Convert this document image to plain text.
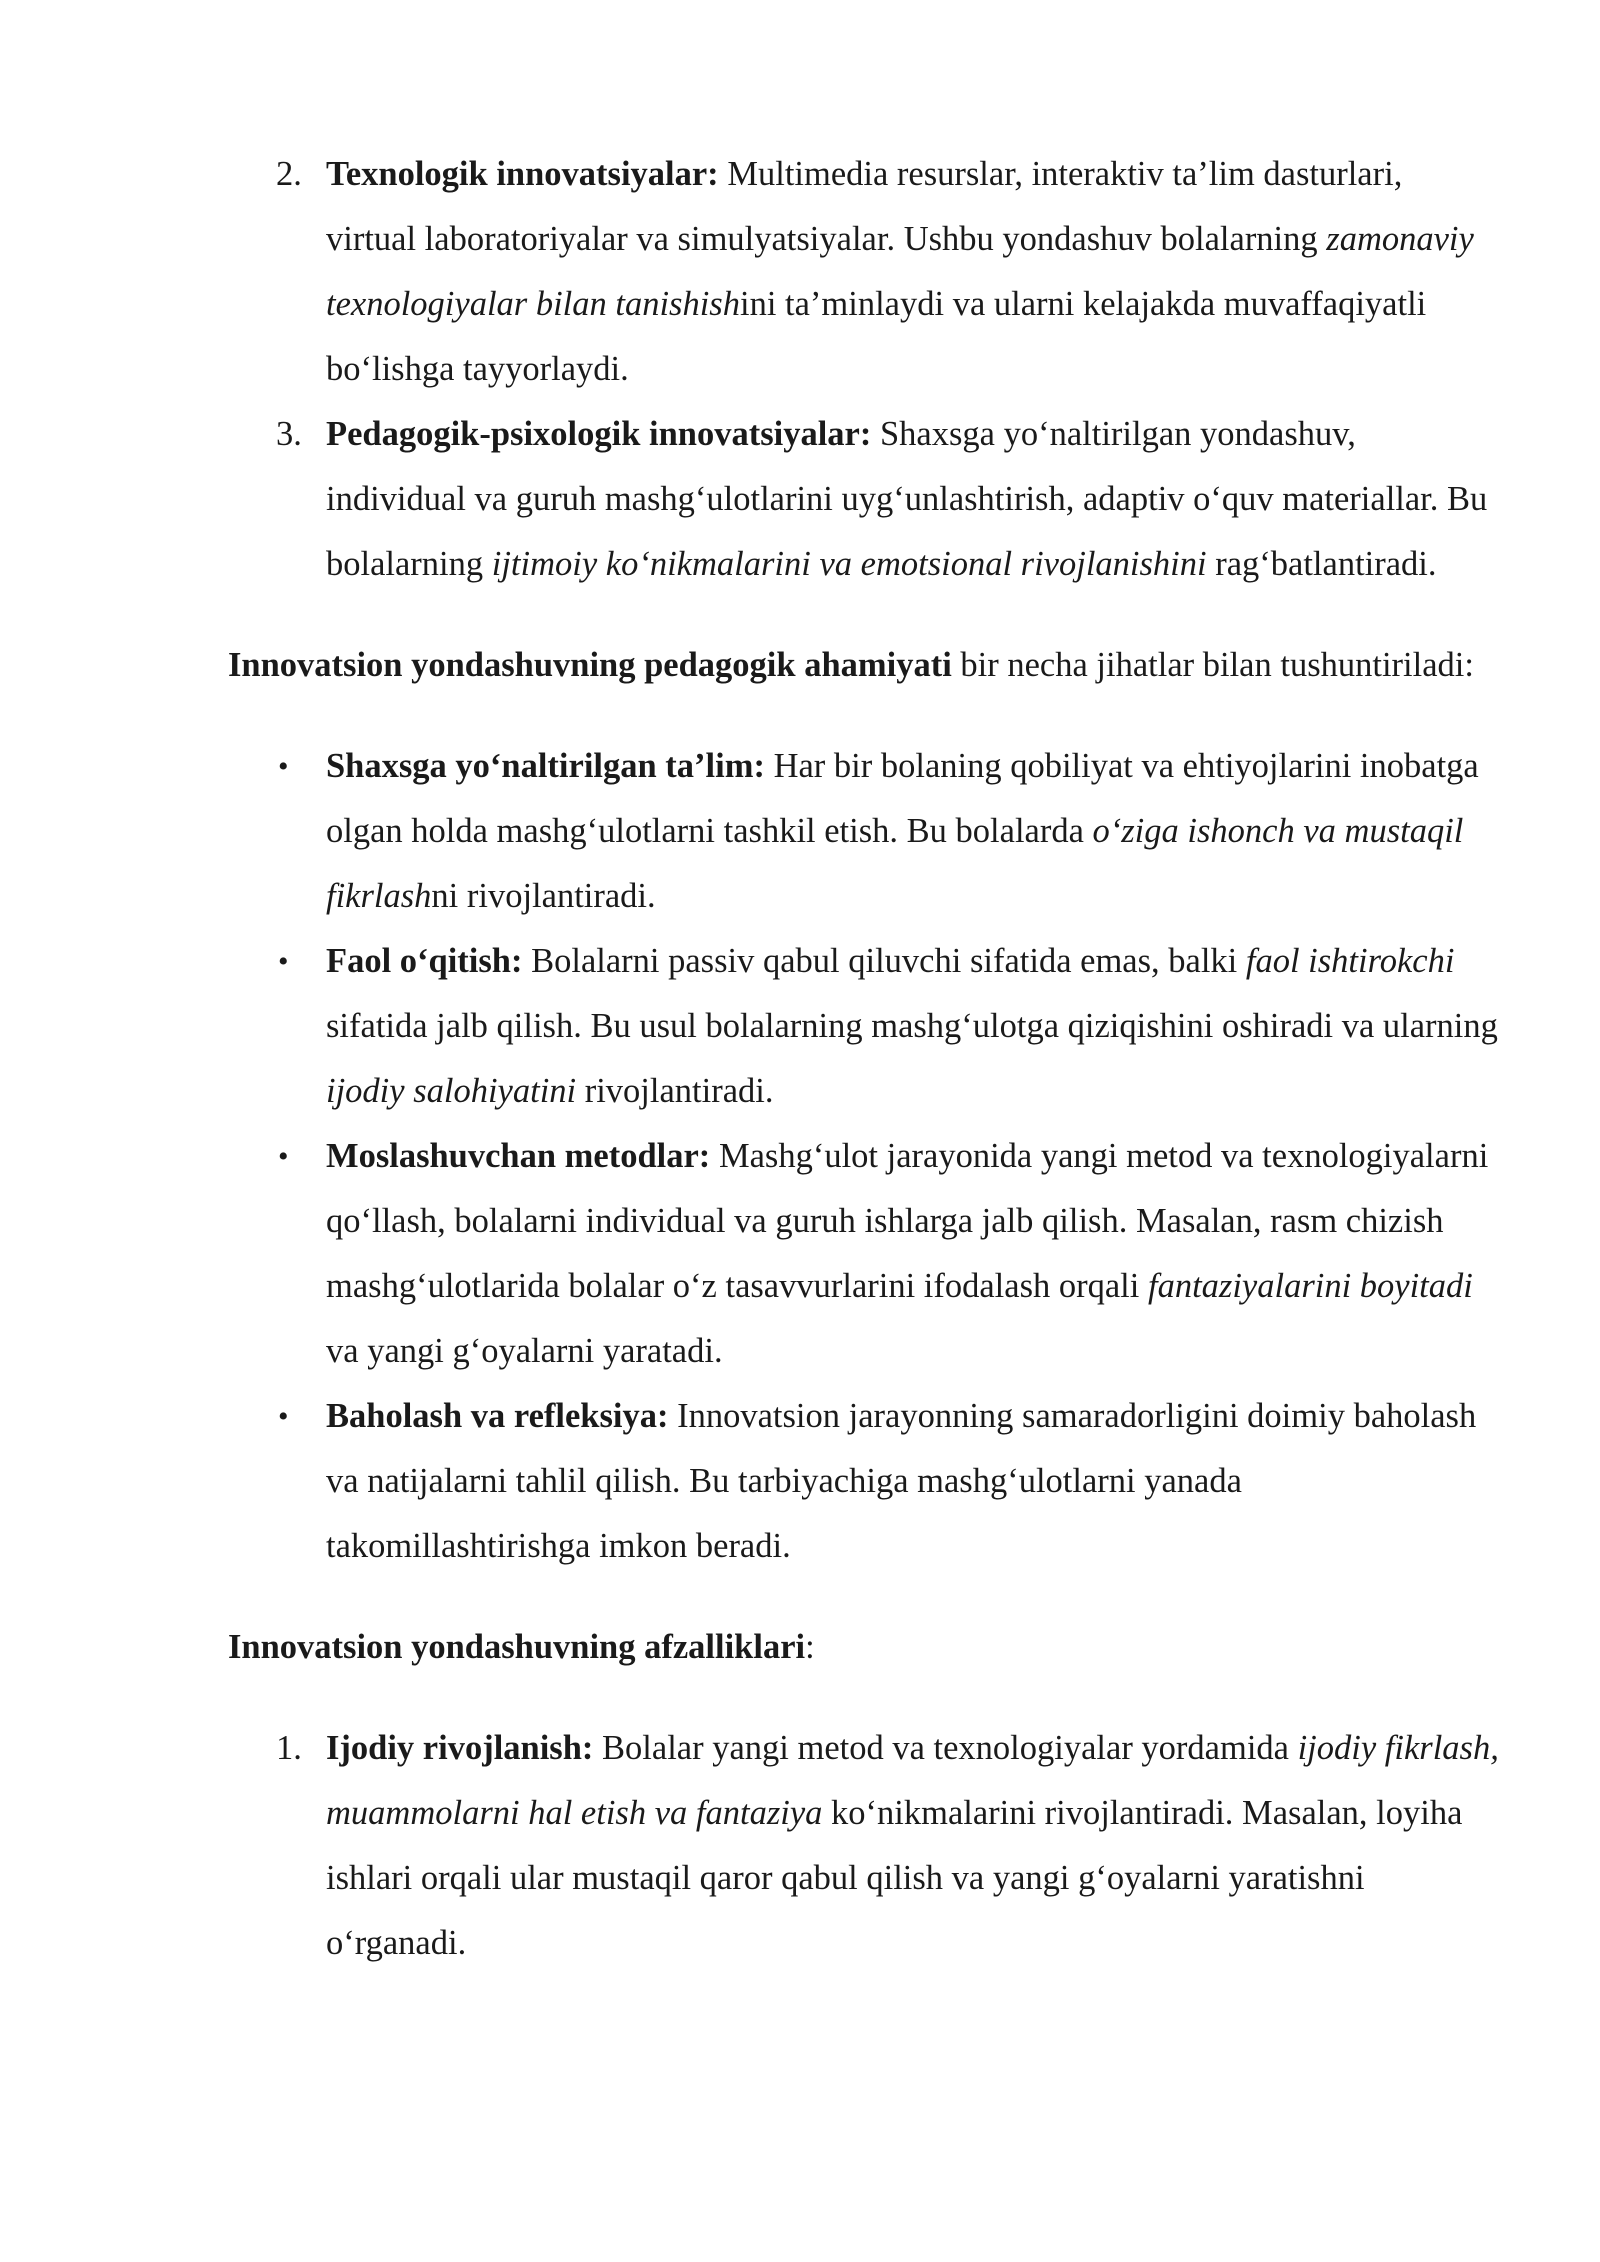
2. Texnologik innovatsiyalar: Multimedia resurslar, interaktiv ta’lim dasturlari, virtual laboratoriyalar va simulyatsiyalar. Ushbu yondashuv bolalarning zamonaviy texnologiyalar bilan tanishishini ta’minlaydi va ularni kelajakda muvaffaqiyatli bo‘lishga tayyorlaydi.
3. Pedagogik-psixologik innovatsiyalar: Shaxsga yo‘naltirilgan yondashuv, individual va guruh mashg‘ulotlarini uyg‘unlashtirish, adaptiv o‘quv materiallar. Bu bolalarning ijtimoiy ko‘nikmalarini va emotsional rivojlanishini rag‘batlantiradi.

Innovatsion yondashuvning pedagogik ahamiyati bir necha jihatlar bilan tushuntiriladi:

• Shaxsga yo‘naltirilgan ta’lim: Har bir bolaning qobiliyat va ehtiyojlarini inobatga olgan holda mashg‘ulotlarni tashkil etish. Bu bolalarda o‘ziga ishonch va mustaqil fikrlashni rivojlantiradi.
• Faol o‘qitish: Bolalarni passiv qabul qiluvchi sifatida emas, balki faol ishtirokchi sifatida jalb qilish. Bu usul bolalarning mashg‘ulotga qiziqishini oshiradi va ularning ijodiy salohiyatini rivojlantiradi.
• Moslashuvchan metodlar: Mashg‘ulot jarayonida yangi metod va texnologiyalarni qo‘llash, bolalarni individual va guruh ishlarga jalb qilish. Masalan, rasm chizish mashg‘ulotlarida bolalar o‘z tasavvurlarini ifodalash orqali fantaziyalarini boyitadi va yangi g‘oyalarni yaratadi.
• Baholash va refleksiya: Innovatsion jarayonning samaradorligini doimiy baholash va natijalarni tahlil qilish. Bu tarbiyachiga mashg‘ulotlarni yanada takomillashtirishga imkon beradi.

Innovatsion yondashuvning afzalliklari:

1. Ijodiy rivojlanish: Bolalar yangi metod va texnologiyalar yordamida ijodiy fikrlash, muammolarni hal etish va fantaziya ko‘nikmalarini rivojlantiradi. Masalan, loyiha ishlari orqali ular mustaqil qaror qabul qilish va yangi g‘oyalarni yaratishni o‘rganadi.
